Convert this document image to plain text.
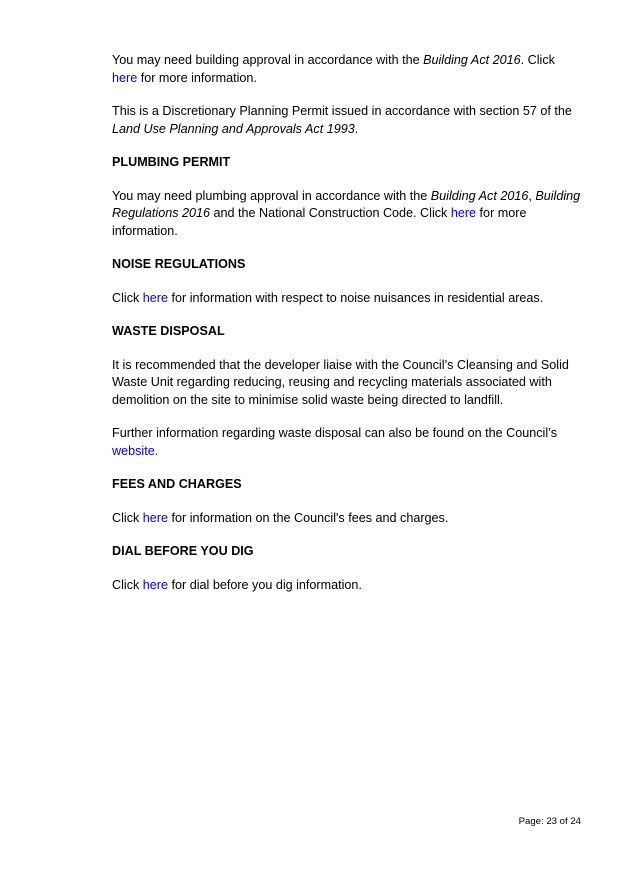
You may need building approval in accordance with the Building Act 2016. Click
here for more information.

This is a Discretionary Planning Permit issued in accordance with section 57 of the Land Use Planning and Approvals Act 1993.

PLUMBING PERMIT

You may need plumbing approval in accordance with the Building Act 2016, Building Regulations 2016 and the National Construction Code. Click here for more information.

NOISE REGULATIONS

Click here for information with respect to noise nuisances in residential areas.

WASTE DISPOSAL

It is recommended that the developer liaise with the Council’s Cleansing and Solid Waste Unit regarding reducing, reusing and recycling materials associated with demolition on the site to minimise solid waste being directed to landfill.

Further information regarding waste disposal can also be found on the Council’s
website.

FEES AND CHARGES

Click here for information on the Council's fees and charges.

DIAL BEFORE YOU DIG

Click here for dial before you dig information.

Page: 23 of 24
